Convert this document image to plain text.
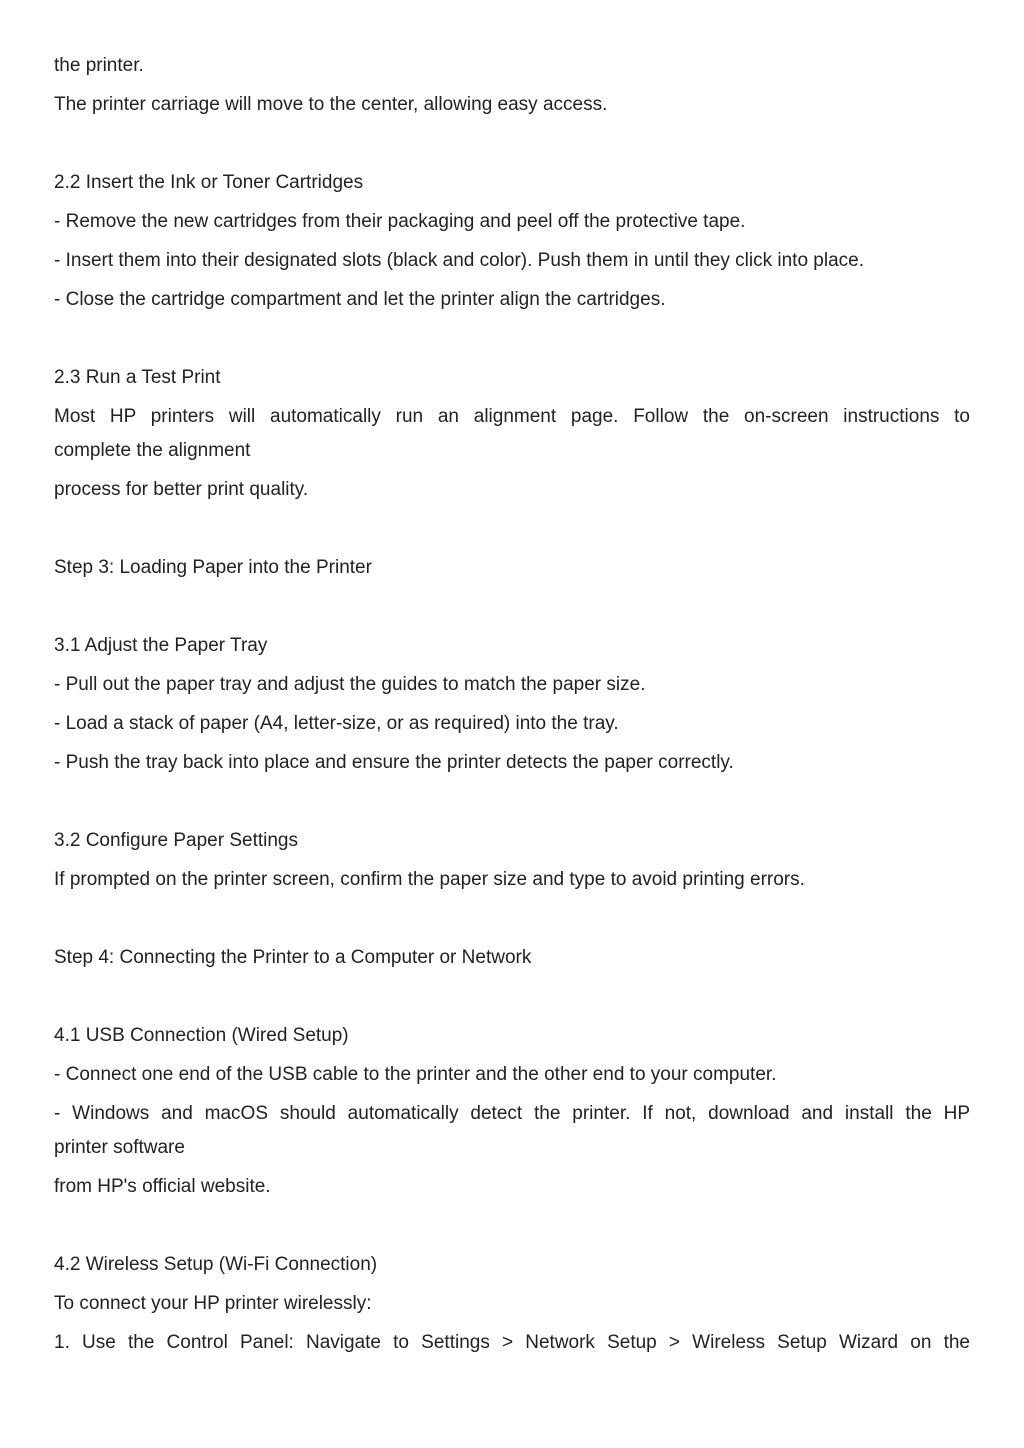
the printer.
The printer carriage will move to the center, allowing easy access.
2.2 Insert the Ink or Toner Cartridges
- Remove the new cartridges from their packaging and peel off the protective tape.
- Insert them into their designated slots (black and color). Push them in until they click into place.
- Close the cartridge compartment and let the printer align the cartridges.
2.3 Run a Test Print
Most HP printers will automatically run an alignment page. Follow the on-screen instructions to
complete the alignment
process for better print quality.
Step 3: Loading Paper into the Printer
3.1 Adjust the Paper Tray
- Pull out the paper tray and adjust the guides to match the paper size.
- Load a stack of paper (A4, letter-size, or as required) into the tray.
- Push the tray back into place and ensure the printer detects the paper correctly.
3.2 Configure Paper Settings
If prompted on the printer screen, confirm the paper size and type to avoid printing errors.
Step 4: Connecting the Printer to a Computer or Network
4.1 USB Connection (Wired Setup)
- Connect one end of the USB cable to the printer and the other end to your computer.
- Windows and macOS should automatically detect the printer. If not, download and install the HP
printer software
from HP's official website.
4.2 Wireless Setup (Wi-Fi Connection)
To connect your HP printer wirelessly:
1. Use the Control Panel: Navigate to Settings > Network Setup > Wireless Setup Wizard on the
